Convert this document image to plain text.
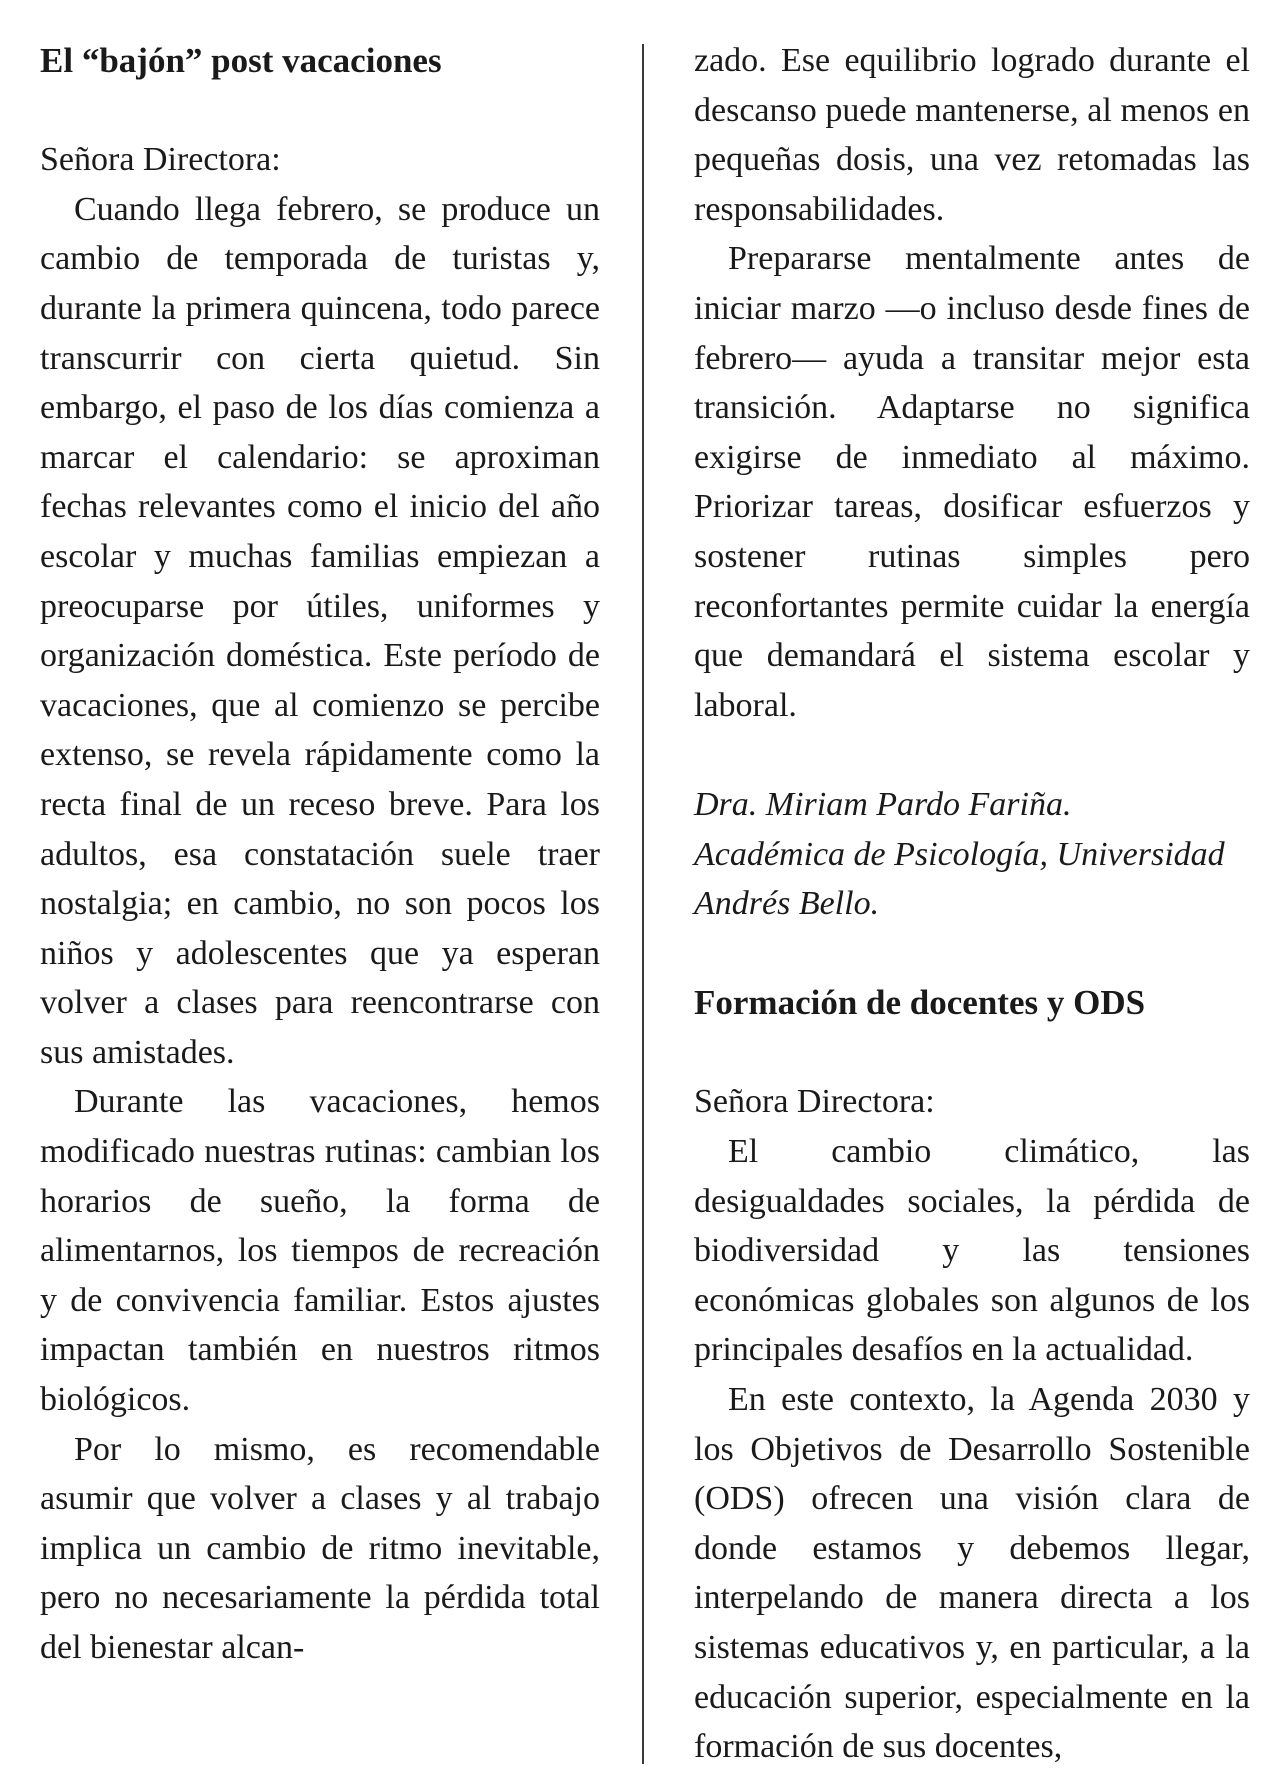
El “bajón” post vacaciones
Señora Directora:

Cuando llega febrero, se produce un cambio de temporada de turistas y, durante la primera quincena, todo parece transcurrir con cierta quietud. Sin embargo, el paso de los días comienza a marcar el calendario: se aproximan fechas relevantes como el inicio del año escolar y muchas familias empiezan a preocuparse por útiles, uniformes y organización doméstica. Este período de vacaciones, que al comienzo se percibe extenso, se revela rápidamente como la recta final de un receso breve. Para los adultos, esa constatación suele traer nostalgia; en cambio, no son pocos los niños y adolescentes que ya esperan volver a clases para reencontrarse con sus amistades.

Durante las vacaciones, hemos modificado nuestras rutinas: cambian los horarios de sueño, la forma de alimentarnos, los tiempos de recreación y de convivencia familiar. Estos ajustes impactan también en nuestros ritmos biológicos.

Por lo mismo, es recomendable asumir que volver a clases y al trabajo implica un cambio de ritmo inevitable, pero no necesariamente la pérdida total del bienestar alcan-

zado. Ese equilibrio logrado durante el descanso puede mantenerse, al menos en pequeñas dosis, una vez retomadas las responsabilidades.

Prepararse mentalmente antes de iniciar marzo —o incluso desde fines de febrero— ayuda a transitar mejor esta transición. Adaptarse no significa exigirse de inmediato al máximo. Priorizar tareas, dosificar esfuerzos y sostener rutinas simples pero reconfortantes permite cuidar la energía que demandará el sistema escolar y laboral.

Dra. Miriam Pardo Fariña.
Académica de Psicología, Universidad
Andrés Bello.
Formación de docentes y ODS
Señora Directora:

El cambio climático, las desigualdades sociales, la pérdida de biodiversidad y las tensiones económicas globales son algunos de los principales desafíos en la actualidad.

En este contexto, la Agenda 2030 y los Objetivos de Desarrollo Sostenible (ODS) ofrecen una visión clara de donde estamos y debemos llegar, interpelando de manera directa a los sistemas educativos y, en particular, a la educación superior, especialmente en la formación de sus docentes,
